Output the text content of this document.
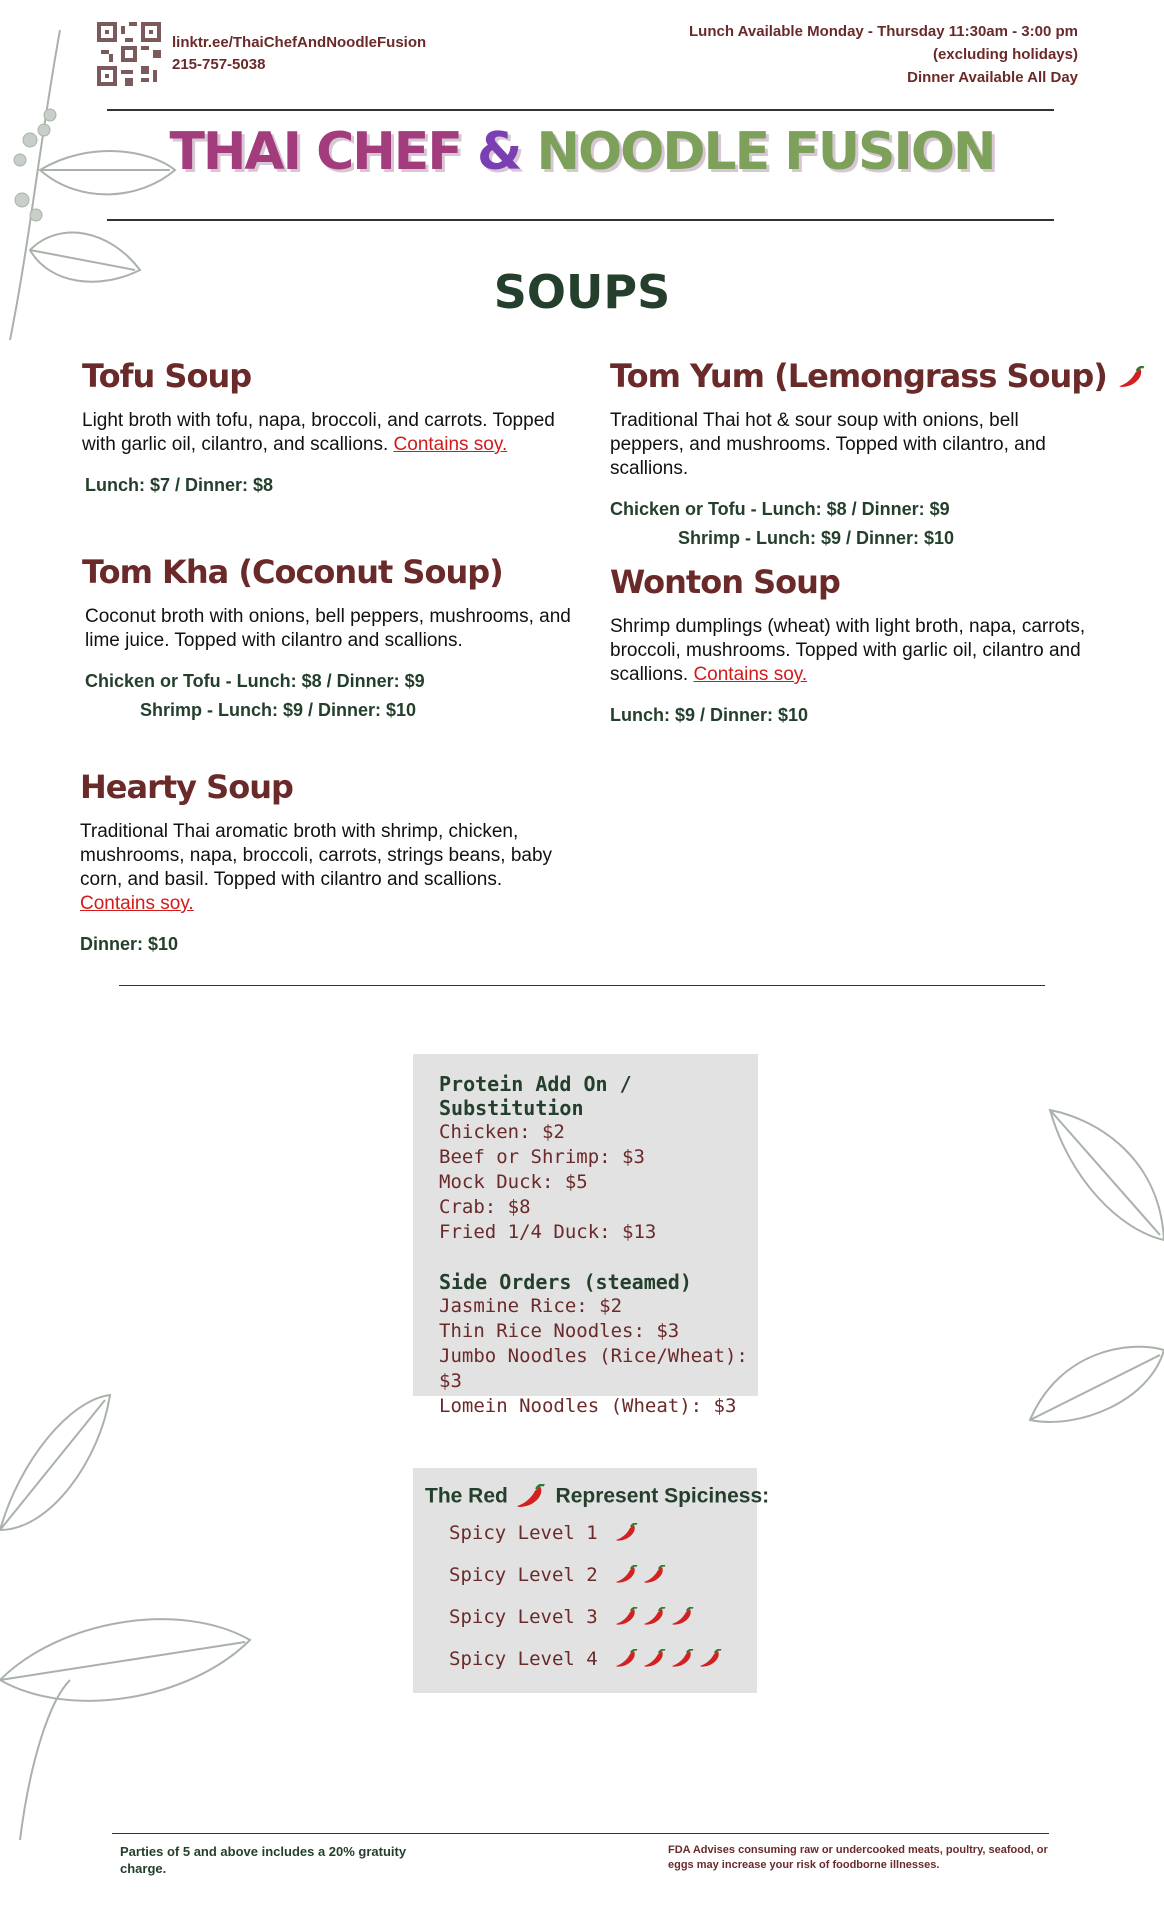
linktr.ee/ThaiChefAndNoodleFusion
215-757-5038
Lunch Available Monday - Thursday 11:30am - 3:00 pm
(excluding holidays)
Dinner Available All Day
THAI CHEF & NOODLE FUSION
SOUPS
Tofu Soup
Light broth with tofu, napa, broccoli, and carrots. Topped with garlic oil, cilantro, and scallions. Contains soy.
Lunch: $7 / Dinner: $8
Tom Kha (Coconut Soup)
Coconut broth with onions, bell peppers, mushrooms, and lime juice. Topped with cilantro and scallions.
Chicken or Tofu - Lunch: $8 / Dinner: $9
Shrimp - Lunch: $9 / Dinner: $10
Hearty Soup
Traditional Thai aromatic broth with shrimp, chicken, mushrooms, napa, broccoli, carrots, strings beans, baby corn, and basil. Topped with cilantro and scallions. Contains soy.
Dinner: $10
Tom Yum (Lemongrass Soup)
Traditional Thai hot & sour soup with onions, bell peppers, and mushrooms. Topped with cilantro, and scallions.
Chicken or Tofu - Lunch: $8 / Dinner: $9
Shrimp - Lunch: $9 / Dinner: $10
Wonton Soup
Shrimp dumplings (wheat) with light broth, napa, carrots, broccoli, mushrooms. Topped with garlic oil, cilantro and scallions. Contains soy.
Lunch: $9 / Dinner: $10
Protein Add On / Substitution
Chicken: $2
Beef or Shrimp: $3
Mock Duck: $5
Crab: $8
Fried 1/4 Duck: $13
Side Orders (steamed)
Jasmine Rice: $2
Thin Rice Noodles: $3
Jumbo Noodles (Rice/Wheat): $3
Lomein Noodles (Wheat): $3
The Red Represent Spiciness:
Spicy Level 1
Spicy Level 2
Spicy Level 3
Spicy Level 4
Parties of 5 and above includes a 20% gratuity charge.
FDA Advises consuming raw or undercooked meats, poultry, seafood, or eggs may increase your risk of foodborne illnesses.
